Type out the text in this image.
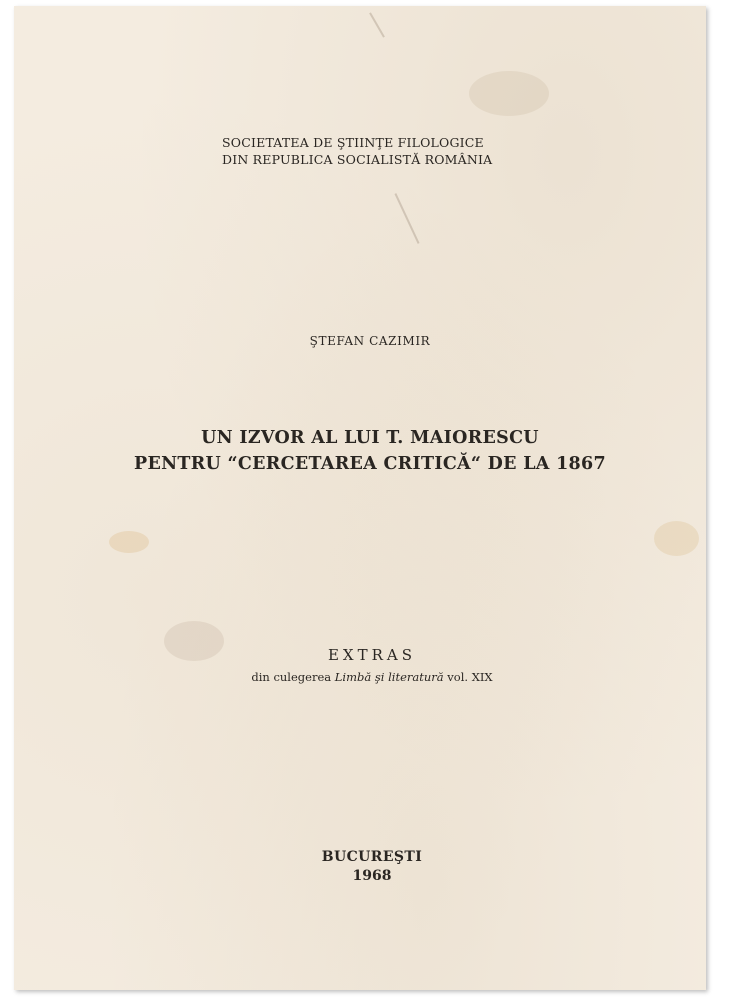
SOCIETATEA DE ŞTIINŢE FILOLOGICE
DIN REPUBLICA SOCIALISTĂ ROMÂNIA
ŞTEFAN CAZIMIR
UN IZVOR AL LUI T. MAIORESCU
PENTRU “CERCETAREA CRITICĂ“ DE LA 1867
EXTRAS
din culegerea Limbă şi literatură vol. XIX
BUCUREŞTI
1968
